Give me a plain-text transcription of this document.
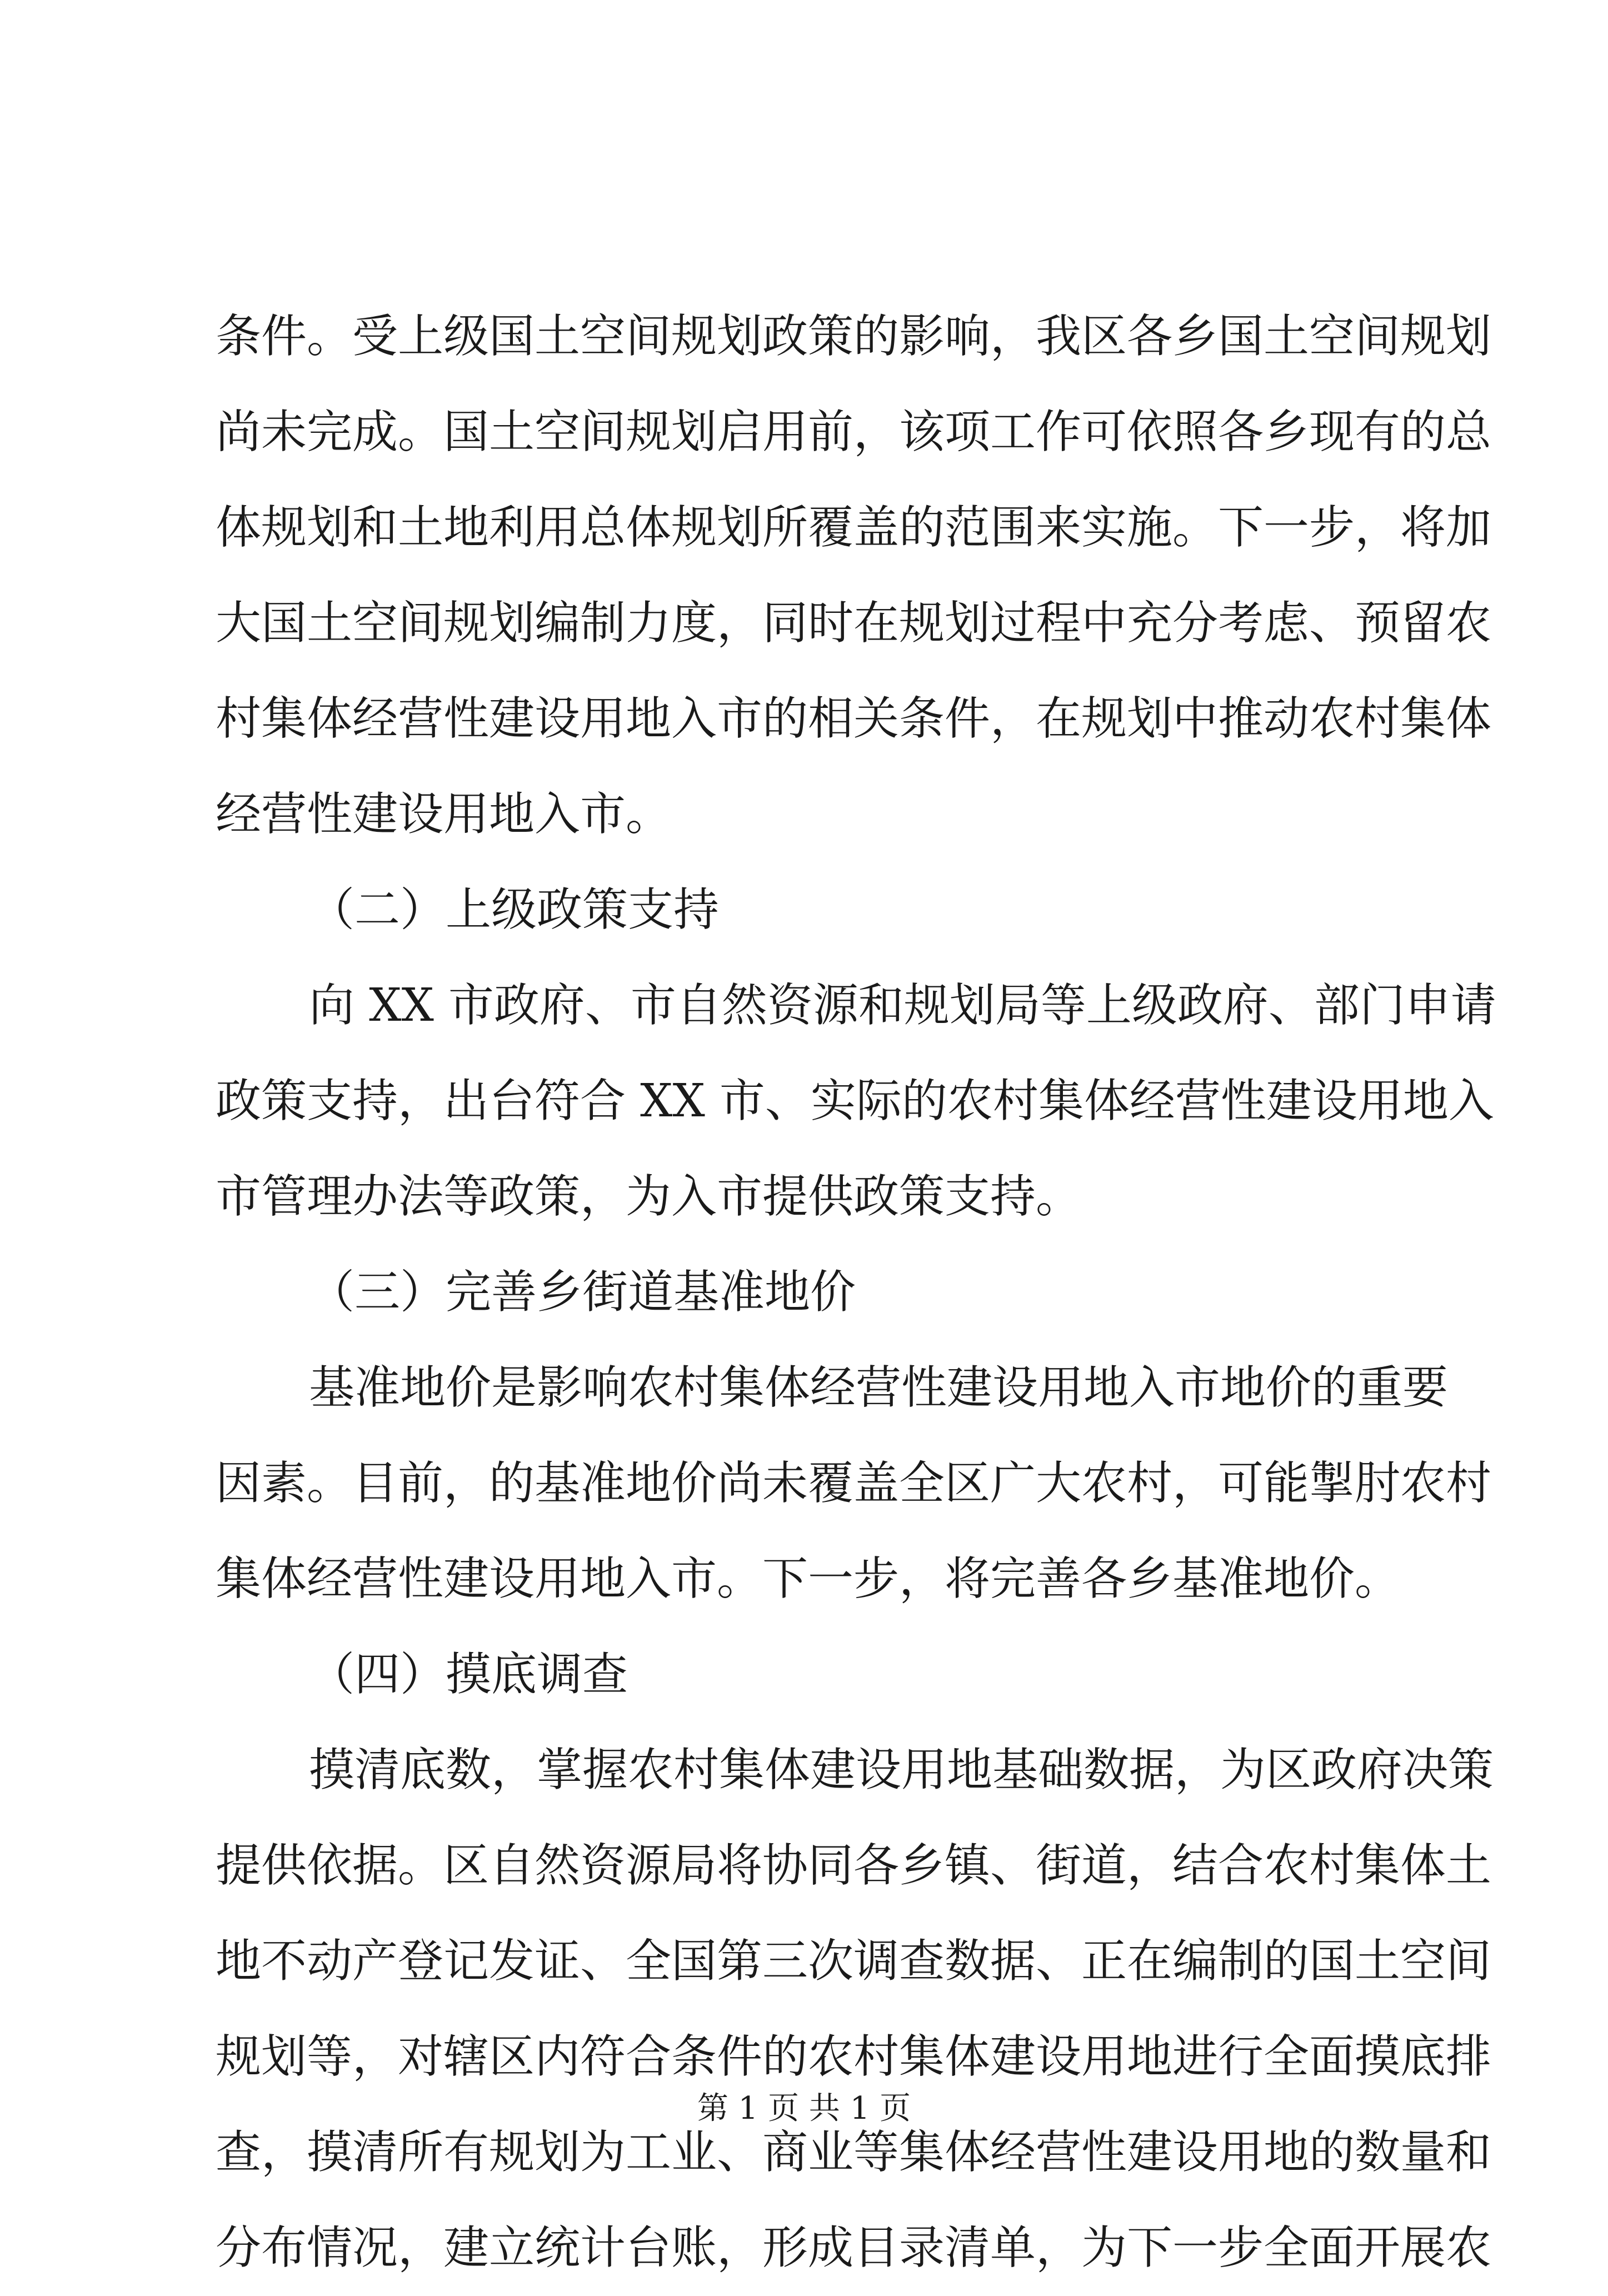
条件。受上级国土空间规划政策的影响，我区各乡国土空间规划
尚未完成。国土空间规划启用前，该项工作可依照各乡现有的总
体规划和土地利用总体规划所覆盖的范围来实施。下一步，将加
大国土空间规划编制力度，同时在规划过程中充分考虑、预留农
村集体经营性建设用地入市的相关条件，在规划中推动农村集体
经营性建设用地入市。
（二）上级政策支持
向 XX 市政府、市自然资源和规划局等上级政府、部门申请
政策支持，出台符合 XX 市、实际的农村集体经营性建设用地入
市管理办法等政策，为入市提供政策支持。
（三）完善乡街道基准地价
基准地价是影响农村集体经营性建设用地入市地价的重要
因素。目前，的基准地价尚未覆盖全区广大农村，可能掣肘农村
集体经营性建设用地入市。下一步，将完善各乡基准地价。
（四）摸底调查
摸清底数，掌握农村集体建设用地基础数据，为区政府决策
提供依据。区自然资源局将协同各乡镇、街道，结合农村集体土
地不动产登记发证、全国第三次调查数据、正在编制的国土空间
规划等，对辖区内符合条件的农村集体建设用地进行全面摸底排
查，摸清所有规划为工业、商业等集体经营性建设用地的数量和
分布情况，建立统计台账，形成目录清单，为下一步全面开展农
第 1 页 共 1 页
